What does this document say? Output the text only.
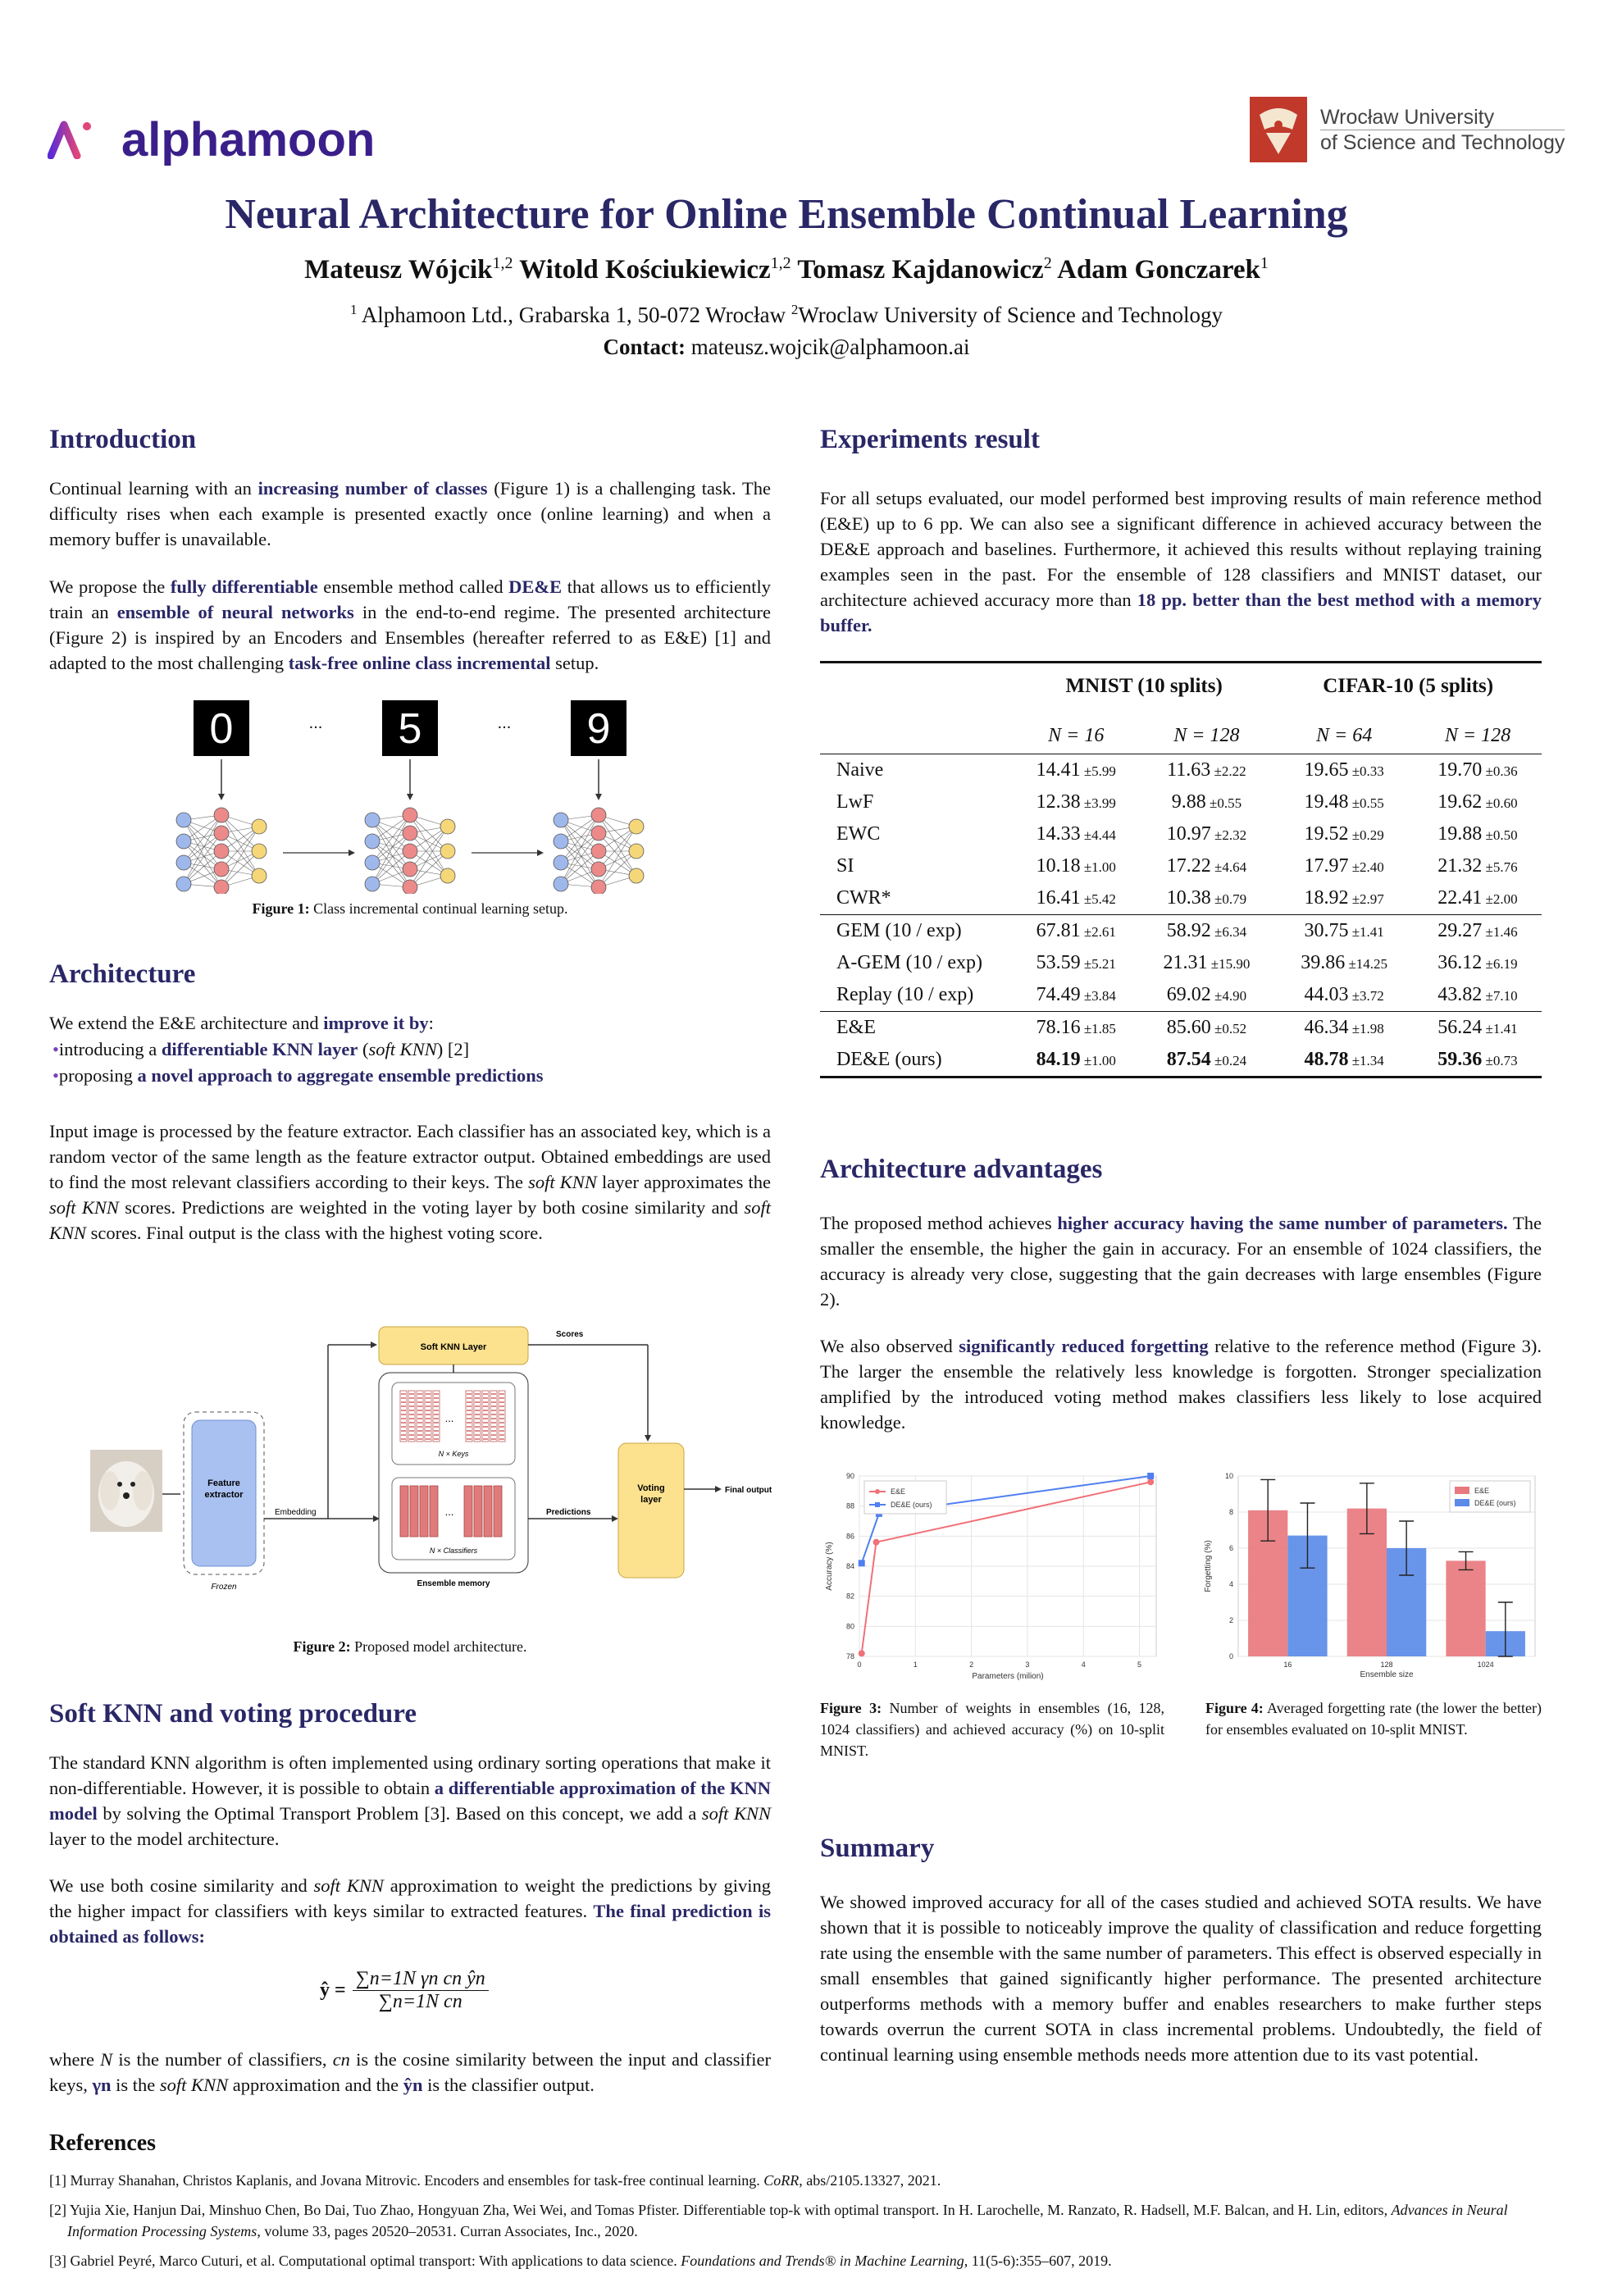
alphamoon	Wrocław University
of Science and Technology
Neural Architecture for Online Ensemble Continual Learning
Mateusz Wójcik$^{1,2}$ Witold Kościukiewicz$^{1,2}$ Tomasz Kajdanowicz$^2$ Adam Gonczarek$^1$
$^1$ Alphamoon Ltd., Grabarska 1, 50-072 Wrocław $^2$Wroclaw University of Science and Technology
Contact: mateusz.wojcik@alphamoon.ai
Introduction

Continual learning with an increasing number of classes (Figure 1) is a challenging task. The difficulty rises when each example is presented exactly once (online learning) and when a memory buffer is unavailable.

We propose the fully differentiable ensemble method called DE&E that allows us to efficiently train an ensemble of neural networks in the end-to-end regime. The presented architecture (Figure 2) is inspired by an Encoders and Ensembles (hereafter referred to as E&E) [1] and adapted to the most challenging task-free online class incremental setup.

0	5	9
...	...
Figure 1: Class incremental continual learning setup.
Architecture

We extend the E&E architecture and improve it by:

•introducing a differentiable KNN layer (soft KNN) [2]

•proposing a novel approach to aggregate ensemble predictions

Input image is processed by the feature extractor. Each classifier has an associated key, which is a random vector of the same length as the feature extractor output. Obtained embeddings are used to find the most relevant classifiers according to their keys. The soft KNN layer approximates the soft KNN scores. Predictions are weighted in the voting layer by both cosine similarity and soft KNN scores. Final output is the class with the highest voting score.

Feature
extractor
Frozen
Embedding
Soft KNN Layer
Scores
...
N × Keys
...
N × Classifiers
Ensemble memory
Predictions
Voting
layer
Final output
Figure 2: Proposed model architecture.
Soft KNN and voting procedure

The standard KNN algorithm is often implemented using ordinary sorting operations that make it non-differentiable. However, it is possible to obtain a differentiable approximation of the KNN model by solving the Optimal Transport Problem [3]. Based on this concept, we add a soft KNN layer to the model architecture.

We use both cosine similarity and soft KNN approximation to weight the predictions by giving the higher impact for classifiers with keys similar to extracted features. The final prediction is obtained as follows:

ŷ = $\frac{\text{∑n=1N γn cn ŷn}}{\text{∑n=1N cn}}$

where N is the number of classifiers, cn is the cosine similarity between the input and classifier keys, γn is the soft KNN approximation and the ŷn is the classifier output.

Experiments result

For all setups evaluated, our model performed best improving results of main reference method (E&E) up to 6 pp. We can also see a significant difference in achieved accuracy between the DE&E approach and baselines. Furthermore, it achieved this results without replaying training examples seen in the past. For the ensemble of 128 classifiers and MNIST dataset, our architecture achieved accuracy more than 18 pp. better than the best method with a memory buffer.

	MNIST (10 splits)		CIFAR-10 (5 splits)	
	N = 16	N = 128	N = 64	N = 128
Naive	14.41 ±5.99	11.63 ±2.22	19.65 ±0.33	19.70 ±0.36
LwF	12.38 ±3.99	9.88 ±0.55	19.48 ±0.55	19.62 ±0.60
EWC	14.33 ±4.44	10.97 ±2.32	19.52 ±0.29	19.88 ±0.50
SI	10.18 ±1.00	17.22 ±4.64	17.97 ±2.40	21.32 ±5.76
CWR*	16.41 ±5.42	10.38 ±0.79	18.92 ±2.97	22.41 ±2.00
GEM (10 / exp)	67.81 ±2.61	58.92 ±6.34	30.75 ±1.41	29.27 ±1.46
A-GEM (10 / exp)	53.59 ±5.21	21.31 ±15.90	39.86 ±14.25	36.12 ±6.19
Replay (10 / exp)	74.49 ±3.84	69.02 ±4.90	44.03 ±3.72	43.82 ±7.10
E&E	78.16 ±1.85	85.60 ±0.52	46.34 ±1.98	56.24 ±1.41
DE&E (ours)	84.19 ±1.00	87.54 ±0.24	48.78 ±1.34	59.36 ±0.73
Architecture advantages

The proposed method achieves higher accuracy having the same number of parameters. The smaller the ensemble, the higher the gain in accuracy. For an ensemble of 1024 classifiers, the accuracy is already very close, suggesting that the gain decreases with large ensembles (Figure 2).

We also observed significantly reduced forgetting relative to the reference method (Figure 3). The larger the ensemble the relatively less knowledge is forgotten. Stronger specialization amplified by the introduced voting method makes classifiers less likely to lose acquired knowledge.

78
80
82
84
86
88
90
0	1	2	3	4	5
Parameters (milion)
Accuracy (%)
E&E
DE&E (ours)
Figure 3: Number of weights in ensembles (16, 128, 1024 classifiers) and achieved accuracy (%) on 10-split MNIST.
0
2
4
6
8
10
16	128	1024
Ensemble size
Forgetting (%)
E&E
DE&E (ours)
Figure 4: Averaged forgetting rate (the lower the better) for ensembles evaluated on 10-split MNIST.
Summary

We showed improved accuracy for all of the cases studied and achieved SOTA results. We have shown that it is possible to noticeably improve the quality of classification and reduce forgetting rate using the ensemble with the same number of parameters. This effect is observed especially in small ensembles that gained significantly higher performance. The presented architecture outperforms methods with a memory buffer and enables researchers to make further steps towards overrun the current SOTA in class incremental problems. Undoubtedly, the field of continual learning using ensemble methods needs more attention due to its vast potential.

References
[1] Murray Shanahan, Christos Kaplanis, and Jovana Mitrovic. Encoders and ensembles for task-free continual learning. CoRR, abs/2105.13327, 2021.
[2] Yujia Xie, Hanjun Dai, Minshuo Chen, Bo Dai, Tuo Zhao, Hongyuan Zha, Wei Wei, and Tomas Pfister. Differentiable top-k with optimal transport. In H. Larochelle, M. Ranzato, R. Hadsell, M.F. Balcan, and H. Lin, editors, Advances in Neural Information Processing Systems, volume 33, pages 20520–20531. Curran Associates, Inc., 2020.
[3] Gabriel Peyré, Marco Cuturi, et al. Computational optimal transport: With applications to data science. Foundations and Trends® in Machine Learning, 11(5-6):355–607, 2019.
